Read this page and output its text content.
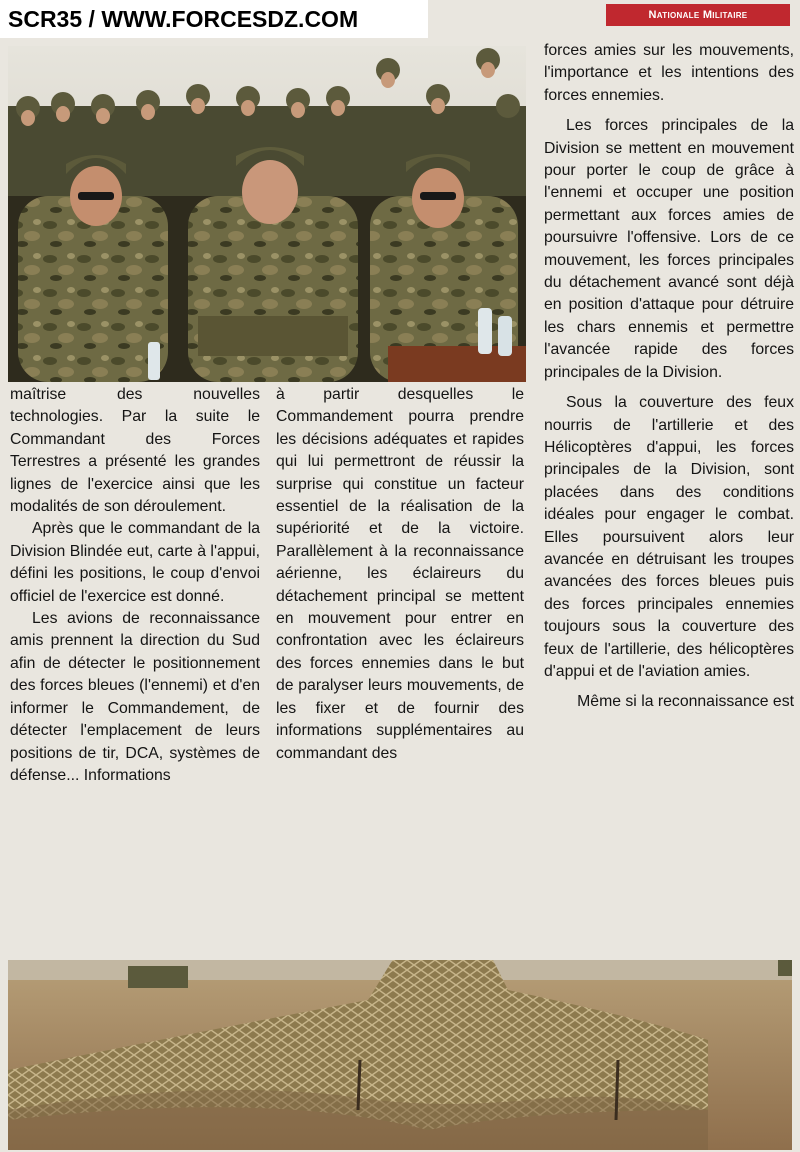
SCR35 / WWW.FORCESDZ.COM	Nationale Militaire

maîtrise des nouvelles technologies. Par la suite le Commandant des Forces Terrestres a présenté les grandes lignes de l'exercice ainsi que les modalités de son déroulement.

Après que le commandant de la Division Blindée eut, carte à l'appui, défini les positions, le coup d'envoi officiel de l'exercice est donné.

Les avions de reconnaissance amis prennent la direction du Sud afin de détecter le positionnement des forces bleues (l'ennemi) et d'en informer le Commandement, de détecter l'emplacement de leurs positions de tir, DCA, systèmes de défense... Informations

à partir desquelles le Commandement pourra prendre les décisions adéquates et rapides qui lui permettront de réussir la surprise qui constitue un facteur essentiel de la réalisation de la supériorité et de la victoire. Parallèlement à la reconnaissance aérienne, les éclaireurs du détachement principal se mettent en mouvement pour entrer en confrontation avec les éclaireurs des forces ennemies dans le but de paralyser leurs mouvements, de les fixer et de fournir des informations supplémentaires au commandant des

forces amies sur les mouvements, l'importance et les intentions des forces ennemies.

Les forces principales de la Division se mettent en mouvement pour porter le coup de grâce à l'ennemi et occuper une position permettant aux forces amies de poursuivre l'offensive. Lors de ce mouvement, les forces principales du détachement avancé sont déjà en position d'attaque pour détruire les chars ennemis et permettre l'avancée rapide des forces principales de la Division.

Sous la couverture des feux nourris de l'artillerie et des Hélicoptères d'appui, les forces principales de la Division, sont placées dans des conditions idéales pour engager le combat. Elles poursuivent alors leur avancée en détruisant les troupes avancées des forces bleues puis des forces principales ennemies toujours sous la couverture des feux de l'artillerie, des hélicoptères d'appui et de l'aviation amies.

Même si la reconnaissance est
